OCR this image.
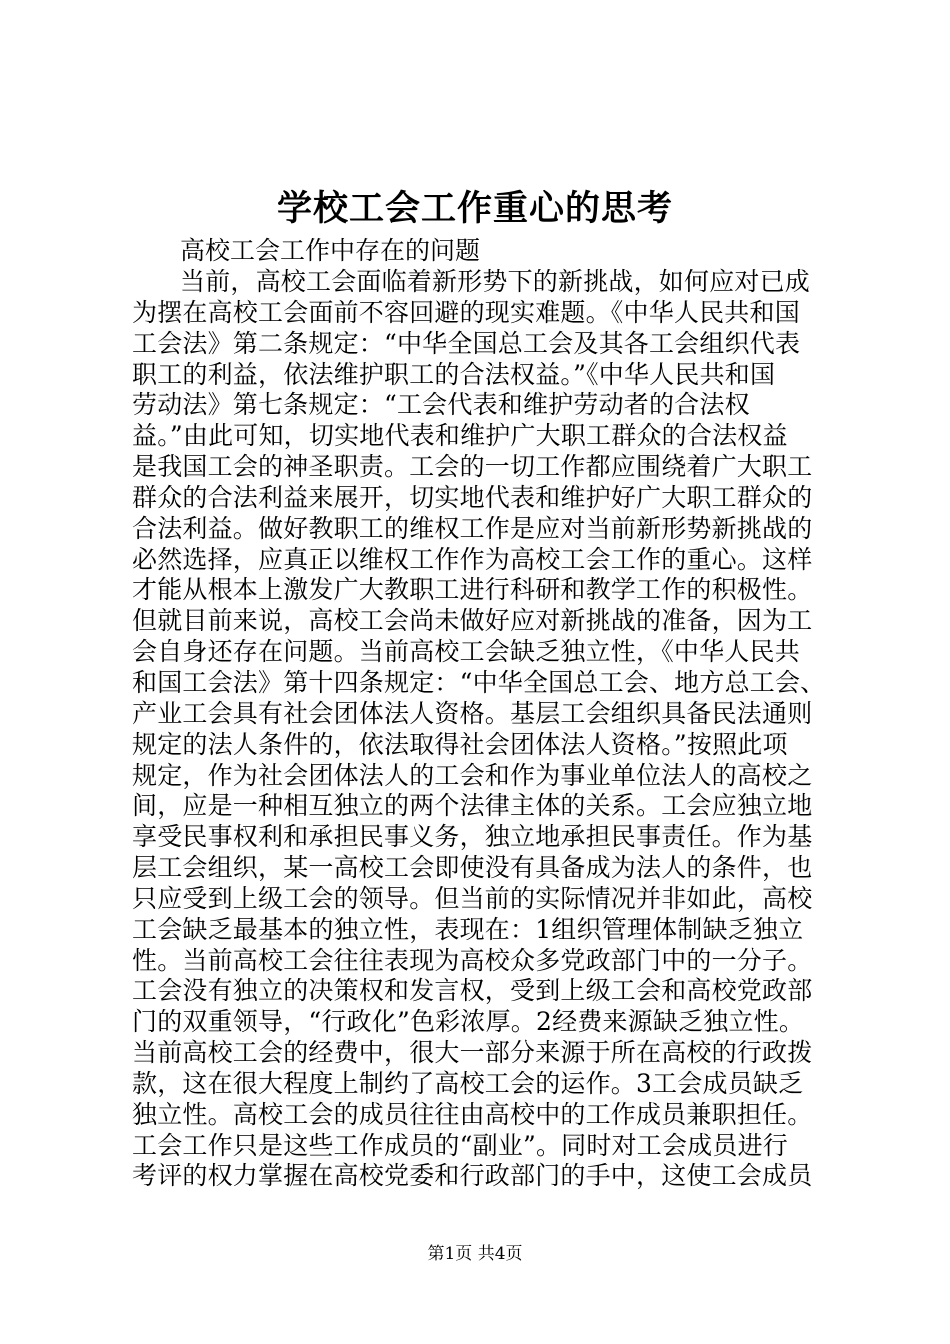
学校工会工作重心的思考
高校工会工作中存在的问题
当前，高校工会面临着新形势下的新挑战，如何应对已成
为摆在高校工会面前不容回避的现实难题。《中华人民共和国
工会法》第二条规定：“中华全国总工会及其各工会组织代表
职工的利益，依法维护职工的合法权益。”《中华人民共和国
劳动法》第七条规定：“工会代表和维护劳动者的合法权
益。”由此可知，切实地代表和维护广大职工群众的合法权益
是我国工会的神圣职责。工会的一切工作都应围绕着广大职工
群众的合法利益来展开，切实地代表和维护好广大职工群众的
合法利益。做好教职工的维权工作是应对当前新形势新挑战的
必然选择，应真正以维权工作作为高校工会工作的重心。这样
才能从根本上激发广大教职工进行科研和教学工作的积极性。
但就目前来说，高校工会尚未做好应对新挑战的准备，因为工
会自身还存在问题。当前高校工会缺乏独立性，《中华人民共
和国工会法》第十四条规定：“中华全国总工会、地方总工会、
产业工会具有社会团体法人资格。基层工会组织具备民法通则
规定的法人条件的，依法取得社会团体法人资格。”按照此项
规定，作为社会团体法人的工会和作为事业单位法人的高校之
间，应是一种相互独立的两个法律主体的关系。工会应独立地
享受民事权利和承担民事义务，独立地承担民事责任。作为基
层工会组织，某一高校工会即使没有具备成为法人的条件，也
只应受到上级工会的领导。但当前的实际情况并非如此，高校
工会缺乏最基本的独立性，表现在：1组织管理体制缺乏独立
性。当前高校工会往往表现为高校众多党政部门中的一分子。
工会没有独立的决策权和发言权，受到上级工会和高校党政部
门的双重领导，“行政化”色彩浓厚。2经费来源缺乏独立性。
当前高校工会的经费中，很大一部分来源于所在高校的行政拨
款，这在很大程度上制约了高校工会的运作。3工会成员缺乏
独立性。高校工会的成员往往由高校中的工作成员兼职担任。
工会工作只是这些工作成员的“副业”。同时对工会成员进行
考评的权力掌握在高校党委和行政部门的手中，这使工会成员
第1页 共4页
